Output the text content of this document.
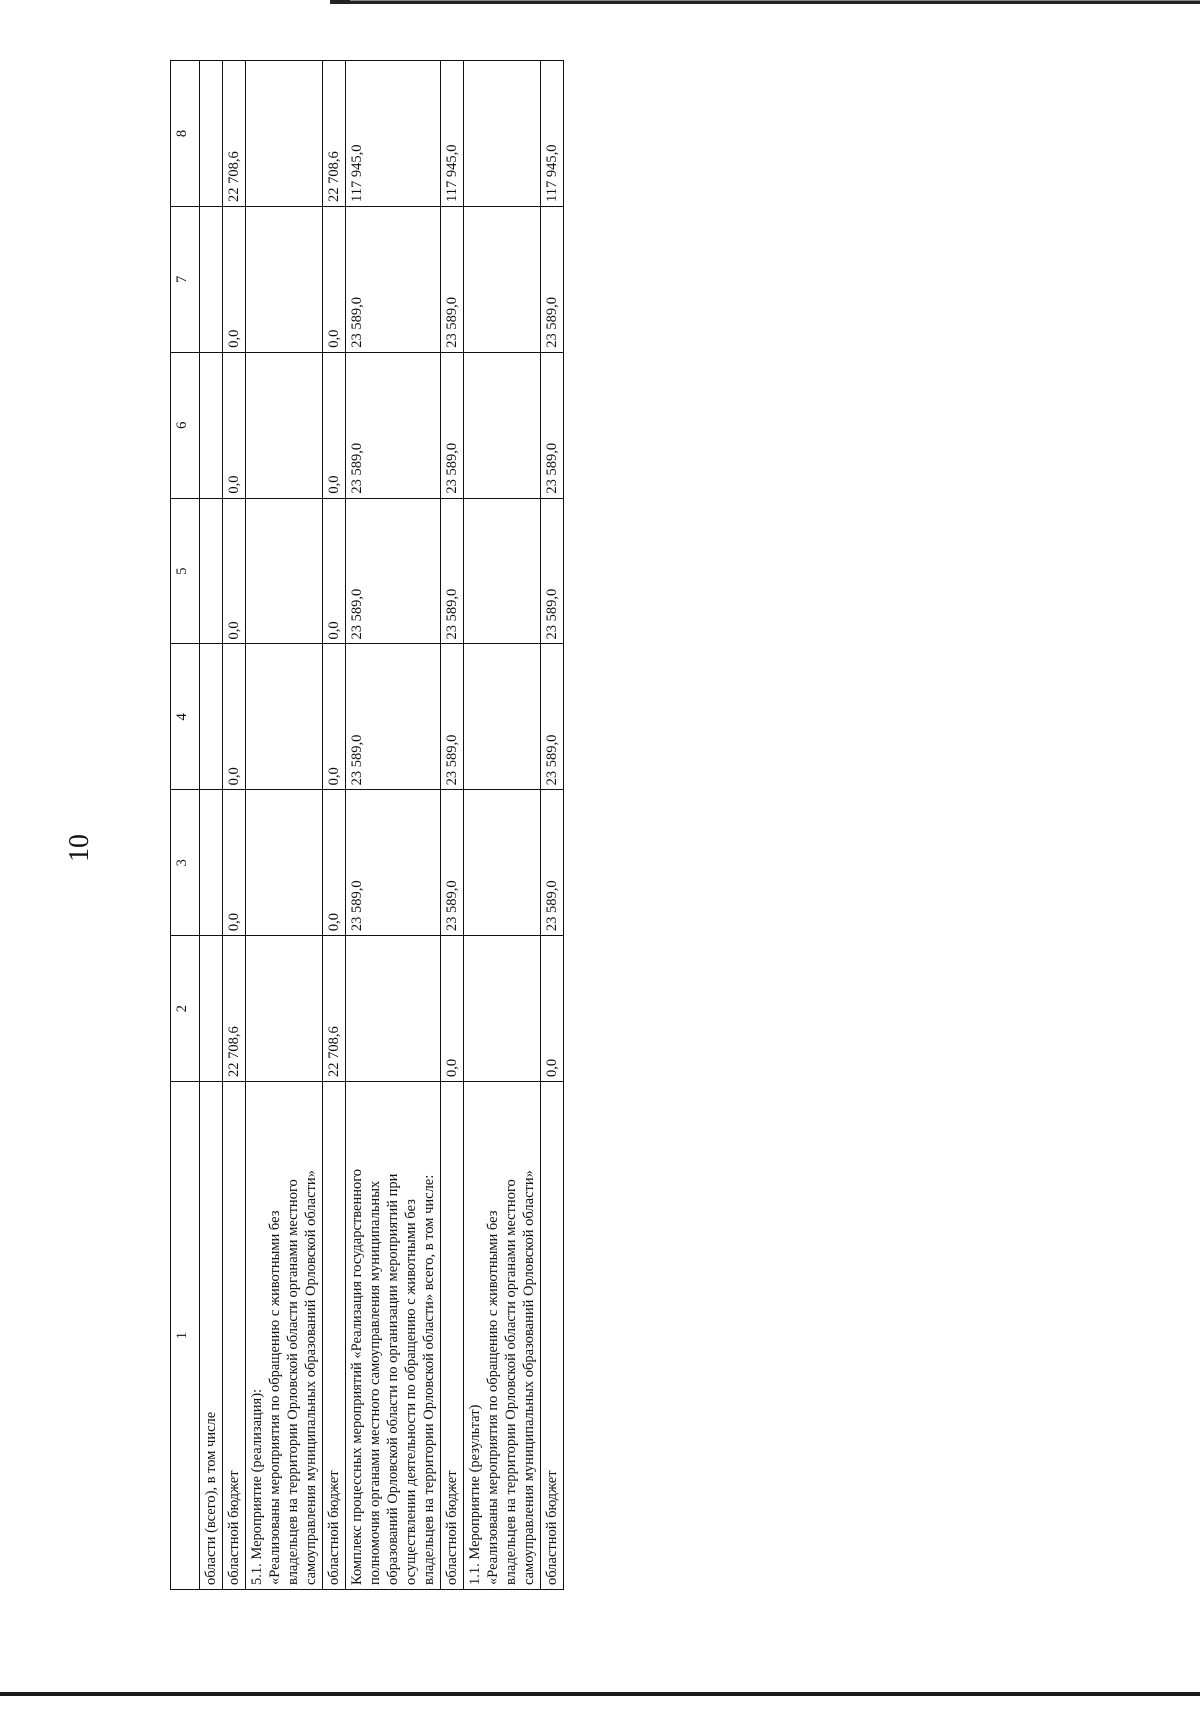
10
1	2	3	4	5	6	7	8

области (всего), в том числе							

областной бюджет	22 708,6	0,0	0,0	0,0	0,0	0,0	22 708,6

5.1. Мероприятие (реализация): «Реализованы мероприятия по обращению с животными без владельцев на территории Орловской области органами местного самоуправления муниципальных образований Орловской области»							

областной бюджет	22 708,6	0,0	0,0	0,0	0,0	0,0	22 708,6

Комплекс процессных мероприятий «Реализация государственного полномочия органами местного самоуправления муниципальных образований Орловской области по организации мероприятий при осуществлении деятельности по обращению с животными без владельцев на территории Орловской области» всего, в том числе:		23 589,0	23 589,0	23 589,0	23 589,0	23 589,0	117 945,0

областной бюджет	0,0	23 589,0	23 589,0	23 589,0	23 589,0	23 589,0	117 945,0

1.1. Мероприятие (результат) «Реализованы мероприятия по обращению с животными без владельцев на территории Орловской области органами местного самоуправления муниципальных образований Орловской области»							

областной бюджет	0,0	23 589,0	23 589,0	23 589,0	23 589,0	23 589,0	117 945,0
